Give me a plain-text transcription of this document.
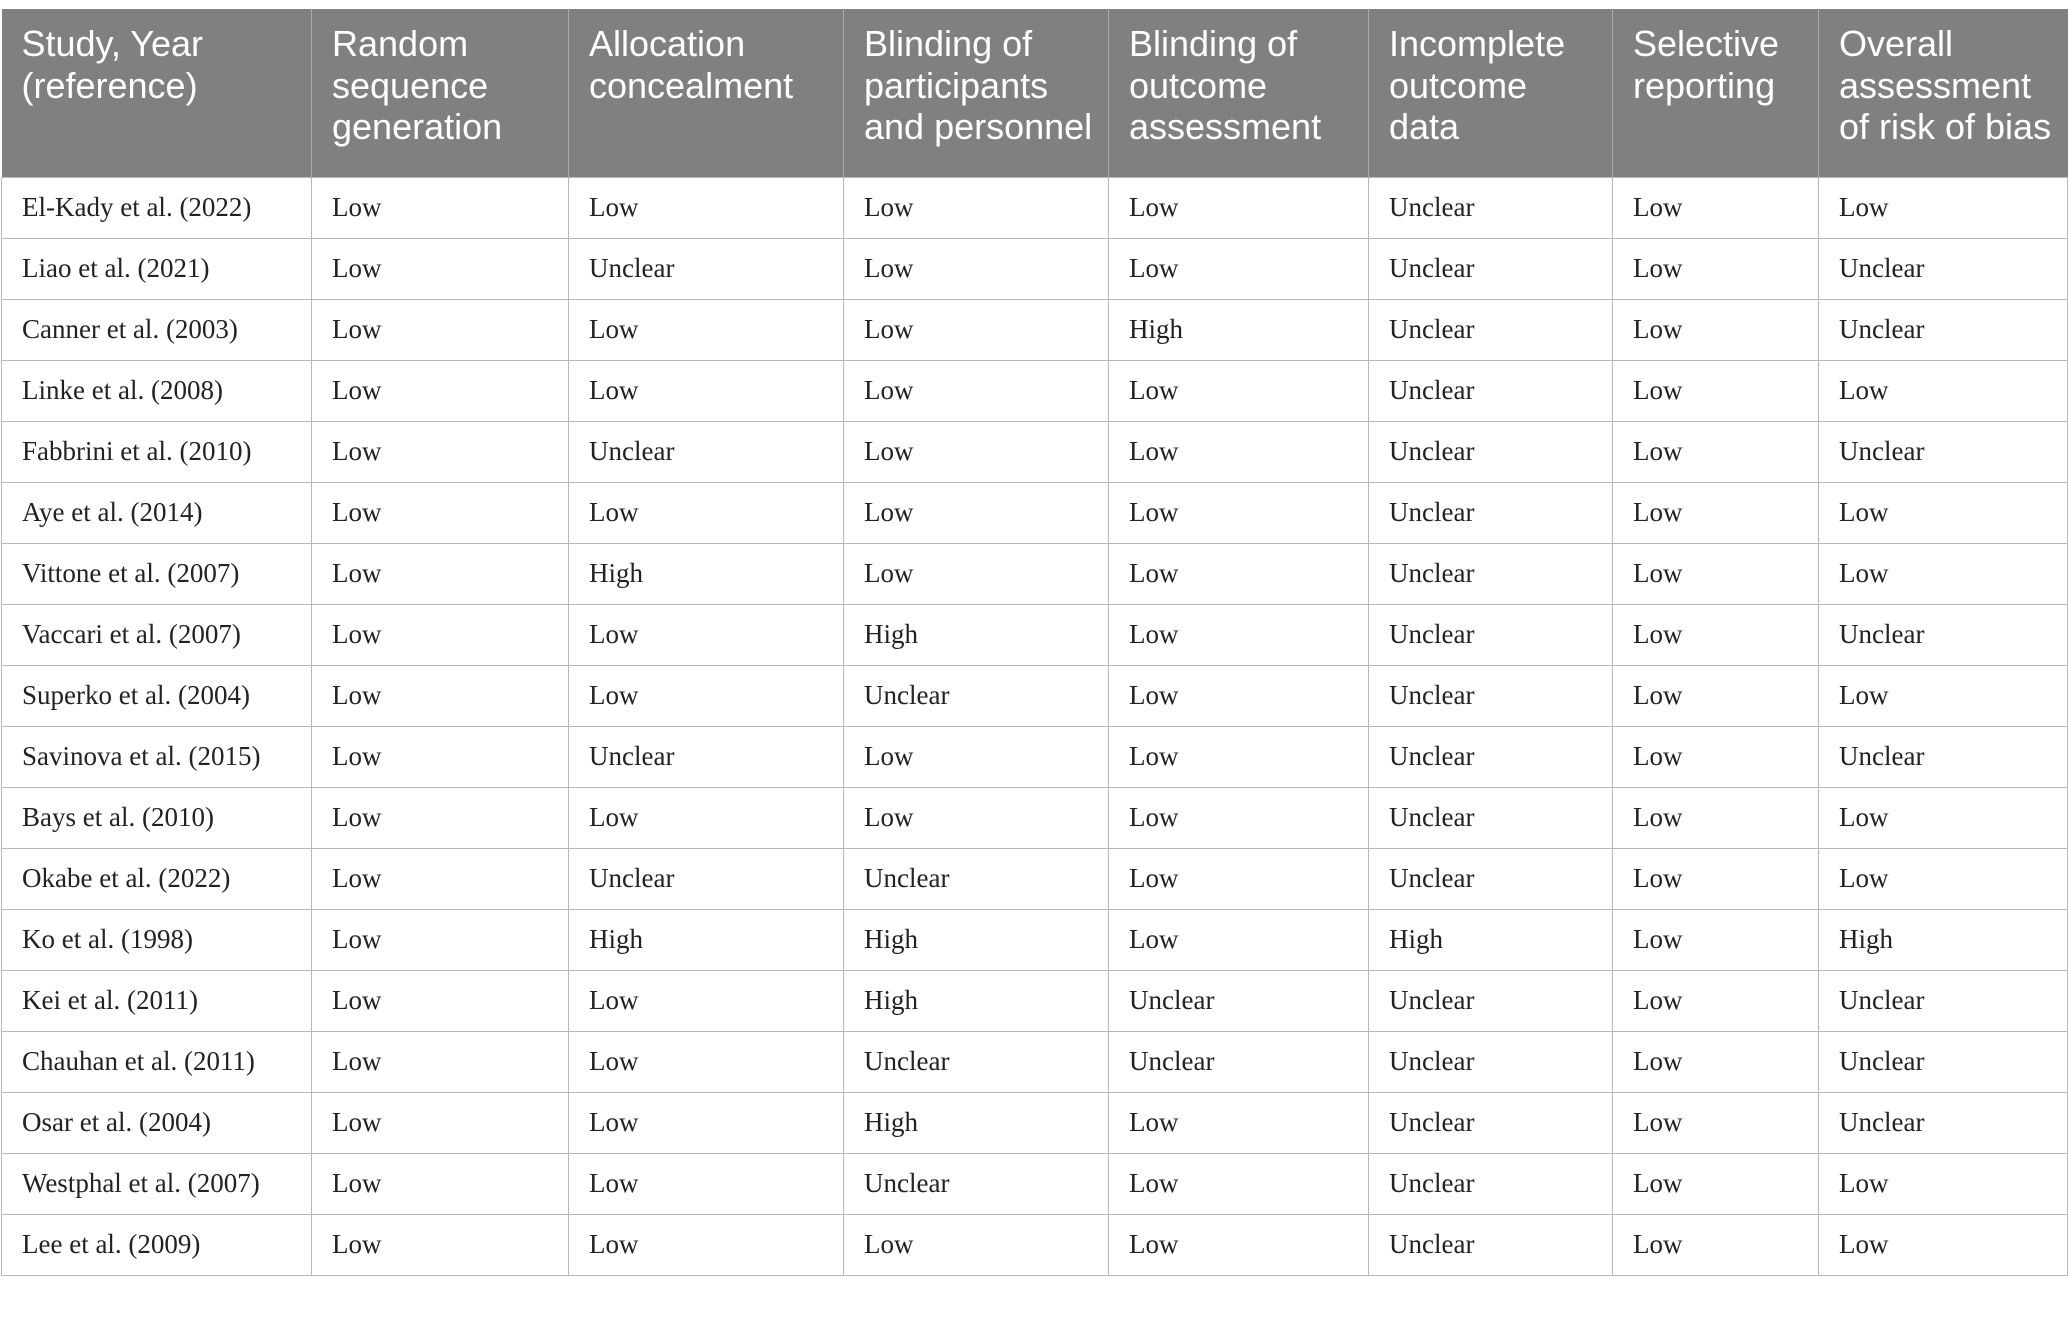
Study, Year (reference)	Random sequence generation	Allocation concealment	Blinding of participants and personnel	Blinding of outcome assessment	Incomplete outcome data	Selective reporting	Overall assessment of risk of bias
El-Kady et al. (2022)	Low	Low	Low	Low	Unclear	Low	Low
Liao et al. (2021)	Low	Unclear	Low	Low	Unclear	Low	Unclear
Canner et al. (2003)	Low	Low	Low	High	Unclear	Low	Unclear
Linke et al. (2008)	Low	Low	Low	Low	Unclear	Low	Low
Fabbrini et al. (2010)	Low	Unclear	Low	Low	Unclear	Low	Unclear
Aye et al. (2014)	Low	Low	Low	Low	Unclear	Low	Low
Vittone et al. (2007)	Low	High	Low	Low	Unclear	Low	Low
Vaccari et al. (2007)	Low	Low	High	Low	Unclear	Low	Unclear
Superko et al. (2004)	Low	Low	Unclear	Low	Unclear	Low	Low
Savinova et al. (2015)	Low	Unclear	Low	Low	Unclear	Low	Unclear
Bays et al. (2010)	Low	Low	Low	Low	Unclear	Low	Low
Okabe et al. (2022)	Low	Unclear	Unclear	Low	Unclear	Low	Low
Ko et al. (1998)	Low	High	High	Low	High	Low	High
Kei et al. (2011)	Low	Low	High	Unclear	Unclear	Low	Unclear
Chauhan et al. (2011)	Low	Low	Unclear	Unclear	Unclear	Low	Unclear
Osar et al. (2004)	Low	Low	High	Low	Unclear	Low	Unclear
Westphal et al. (2007)	Low	Low	Unclear	Low	Unclear	Low	Low
Lee et al. (2009)	Low	Low	Low	Low	Unclear	Low	Low
